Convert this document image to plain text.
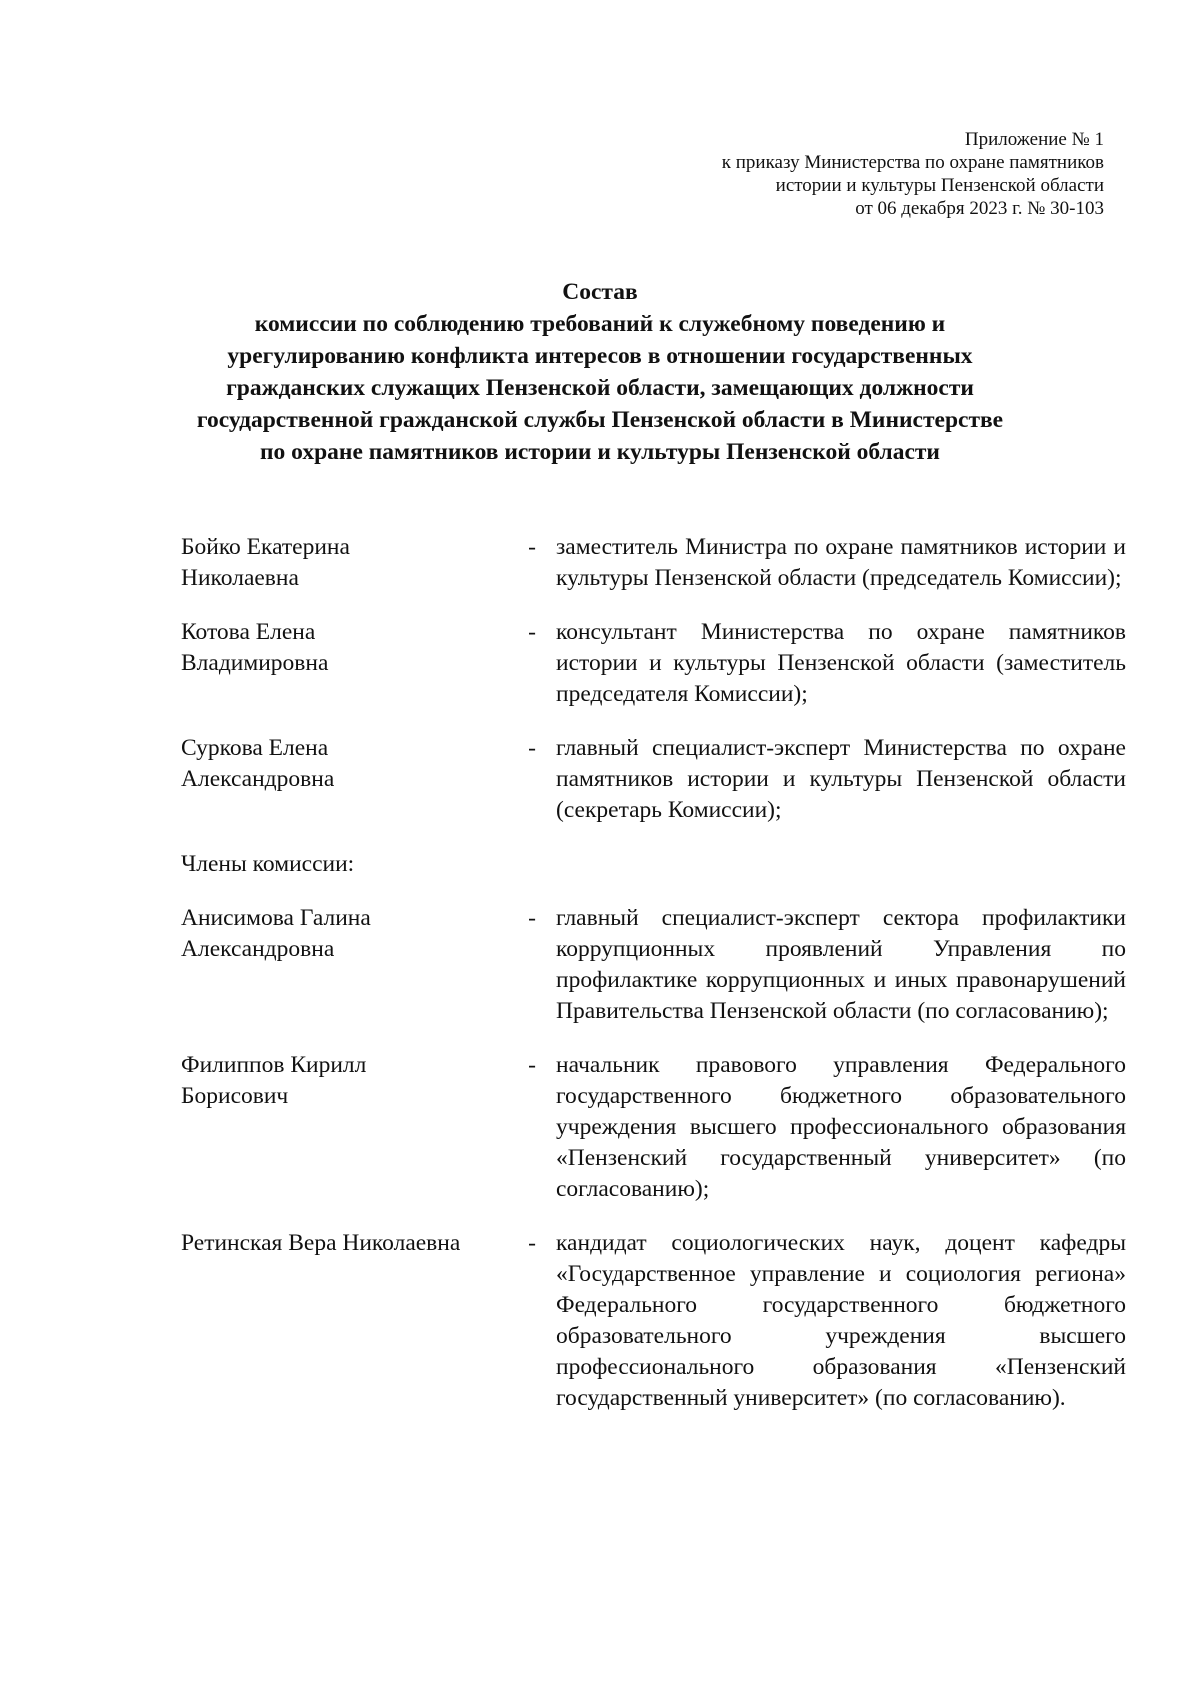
Приложение № 1
к приказу Министерства по охране памятников
истории и культуры Пензенской области
от 06 декабря 2023 г. № 30-103
Состав
комиссии по соблюдению требований к служебному поведению и
урегулированию конфликта интересов в отношении государственных
гражданских служащих Пензенской области, замещающих должности
государственной гражданской службы Пензенской области в Министерстве
по охране памятников истории и культуры Пензенской области
Бойко Екатерина
Николаевна
- заместитель Министра по охране памятников истории и культуры Пензенской области (председатель Комиссии);
Котова Елена
Владимировна
- консультант Министерства по охране памятников истории и культуры Пензенской области (заместитель председателя Комиссии);
Суркова Елена
Александровна
- главный специалист-эксперт Министерства по охране памятников истории и культуры Пензенской области (секретарь Комиссии);
Члены комиссии:
Анисимова Галина
Александровна
- главный специалист-эксперт сектора профилактики коррупционных проявлений Управления по профилактике коррупционных и иных правонарушений Правительства Пензенской области (по согласованию);
Филиппов Кирилл
Борисович
- начальник правового управления Федерального государственного бюджетного образовательного учреждения высшего профессионального образования «Пензенский государственный университет» (по согласованию);
Ретинская Вера Николаевна	- кандидат социологических наук, доцент кафедры «Государственное управление и социология региона» Федерального государственного бюджетного образовательного учреждения высшего профессионального образования «Пензенский государственный университет» (по согласованию).
